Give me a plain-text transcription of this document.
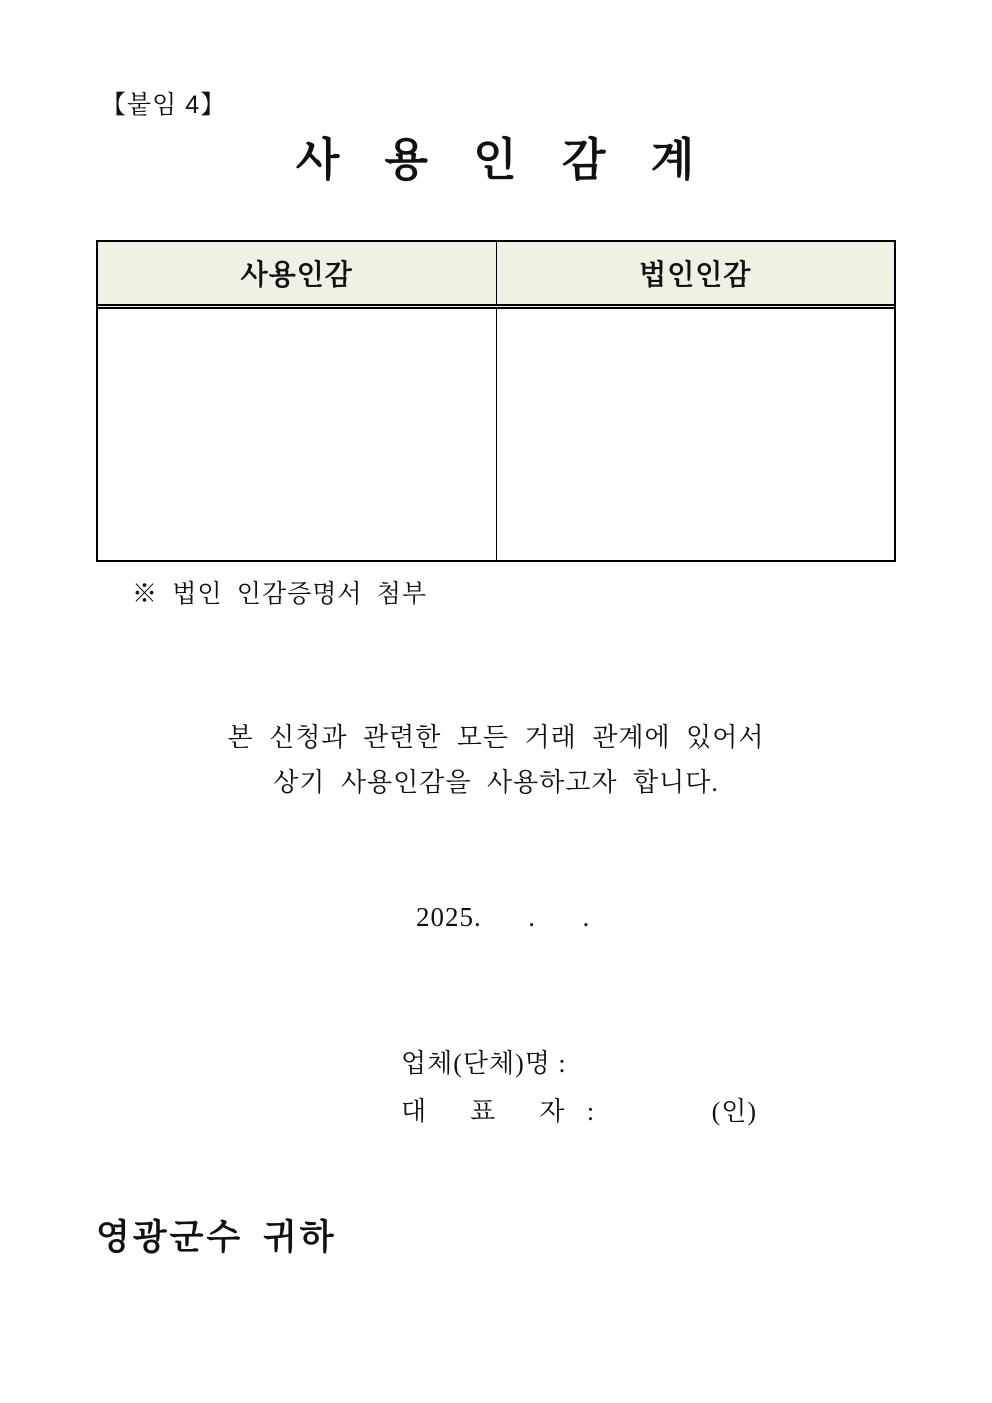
【붙임 4】
사 용 인 감 계
사용인감	법인인감
※ 법인 인감증명서 첨부
본 신청과 관련한 모든 거래 관계에 있어서
상기 사용인감을 사용하고자 합니다.
2025.      .      .
업체(단체)명 :
대  표  자 :	(인)
영광군수 귀하
